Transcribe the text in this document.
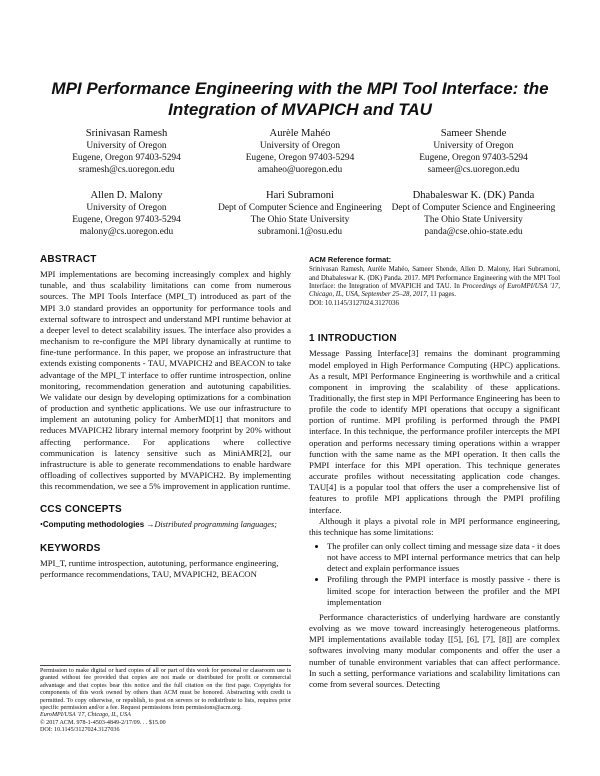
MPI Performance Engineering with the MPI Tool Interface: the Integration of MVAPICH and TAU
Srinivasan Ramesh
University of Oregon
Eugene, Oregon 97403-5294
sramesh@cs.uoregon.edu
Aurèle Mahéo
University of Oregon
Eugene, Oregon 97403-5294
amaheo@uoregon.edu
Sameer Shende
University of Oregon
Eugene, Oregon 97403-5294
sameer@cs.uoregon.edu
Allen D. Malony
University of Oregon
Eugene, Oregon 97403-5294
malony@cs.uoregon.edu
Hari Subramoni
Dept of Computer Science and Engineering
The Ohio State University
subramoni.1@osu.edu
Dhabaleswar K. (DK) Panda
Dept of Computer Science and Engineering
The Ohio State University
panda@cse.ohio-state.edu
ABSTRACT

MPI implementations are becoming increasingly complex and highly tunable, and thus scalability limitations can come from numerous sources. The MPI Tools Interface (MPI_T) introduced as part of the MPI 3.0 standard provides an opportunity for performance tools and external software to introspect and understand MPI runtime behavior at a deeper level to detect scalability issues. The interface also provides a mechanism to re-configure the MPI library dynamically at runtime to fine-tune performance. In this paper, we propose an infrastructure that extends existing components - TAU, MVAPICH2 and BEACON to take advantage of the MPI_T interface to offer runtime introspection, online monitoring, recommendation generation and autotuning capabilities. We validate our design by developing optimizations for a combination of production and synthetic applications. We use our infrastructure to implement an autotuning policy for AmberMD[1] that monitors and reduces MVAPICH2 library internal memory footprint by 20% without affecting performance. For applications where collective communication is latency sensitive such as MiniAMR[2], our infrastructure is able to generate recommendations to enable hardware offloading of collectives supported by MVAPICH2. By implementing this recommendation, we see a 5% improvement in application runtime.

CCS CONCEPTS
•Computing methodologies →Distributed programming languages;
KEYWORDS

MPI_T, runtime introspection, autotuning, performance engineering, performance recommendations, TAU, MVAPICH2, BEACON

Permission to make digital or hard copies of all or part of this work for personal or classroom use is granted without fee provided that copies are not made or distributed for profit or commercial advantage and that copies bear this notice and the full citation on the first page. Copyrights for components of this work owned by others than ACM must be honored. Abstracting with credit is permitted. To copy otherwise, or republish, to post on servers or to redistribute to lists, requires prior specific permission and/or a fee. Request permissions from permissions@acm.org.
EuroMPI/USA '17, Chicago, IL, USA
© 2017 ACM. 978-1-4503-4849-2/17/09. . . $15.00
DOI: 10.1145/3127024.3127036
ACM Reference format:
Srinivasan Ramesh, Aurèle Mahéo, Sameer Shende, Allen D. Malony, Hari Subramoni, and Dhabaleswar K. (DK) Panda. 2017. MPI Performance Engineering with the MPI Tool Interface: the Integration of MVAPICH and TAU. In Proceedings of EuroMPI/USA '17, Chicago, IL, USA, September 25–28, 2017, 11 pages.
DOI: 10.1145/3127024.3127036
1 INTRODUCTION

Message Passing Interface[3] remains the dominant programming model employed in High Performance Computing (HPC) applications. As a result, MPI Performance Engineering is worthwhile and a critical component in improving the scalability of these applications. Traditionally, the first step in MPI Performance Engineering has been to profile the code to identify MPI operations that occupy a significant portion of runtime. MPI profiling is performed through the PMPI interface. In this technique, the performance profiler intercepts the MPI operation and performs necessary timing operations within a wrapper function with the same name as the MPI operation. It then calls the PMPI interface for this MPI operation. This technique generates accurate profiles without necessitating application code changes. TAU[4] is a popular tool that offers the user a comprehensive list of features to profile MPI applications through the PMPI profiling interface.

Although it plays a pivotal role in MPI performance engineering, this technique has some limitations:

• The profiler can only collect timing and message size data - it does not have access to MPI internal performance metrics that can help detect and explain performance issues
• Profiling through the PMPI interface is mostly passive - there is limited scope for interaction between the profiler and the MPI implementation

Performance characteristics of underlying hardware are constantly evolving as we move toward increasingly heterogeneous platforms. MPI implementations available today [[5], [6], [7], [8]] are complex softwares involving many modular components and offer the user a number of tunable environment variables that can affect performance. In such a setting, performance variations and scalability limitations can come from several sources. Detecting
